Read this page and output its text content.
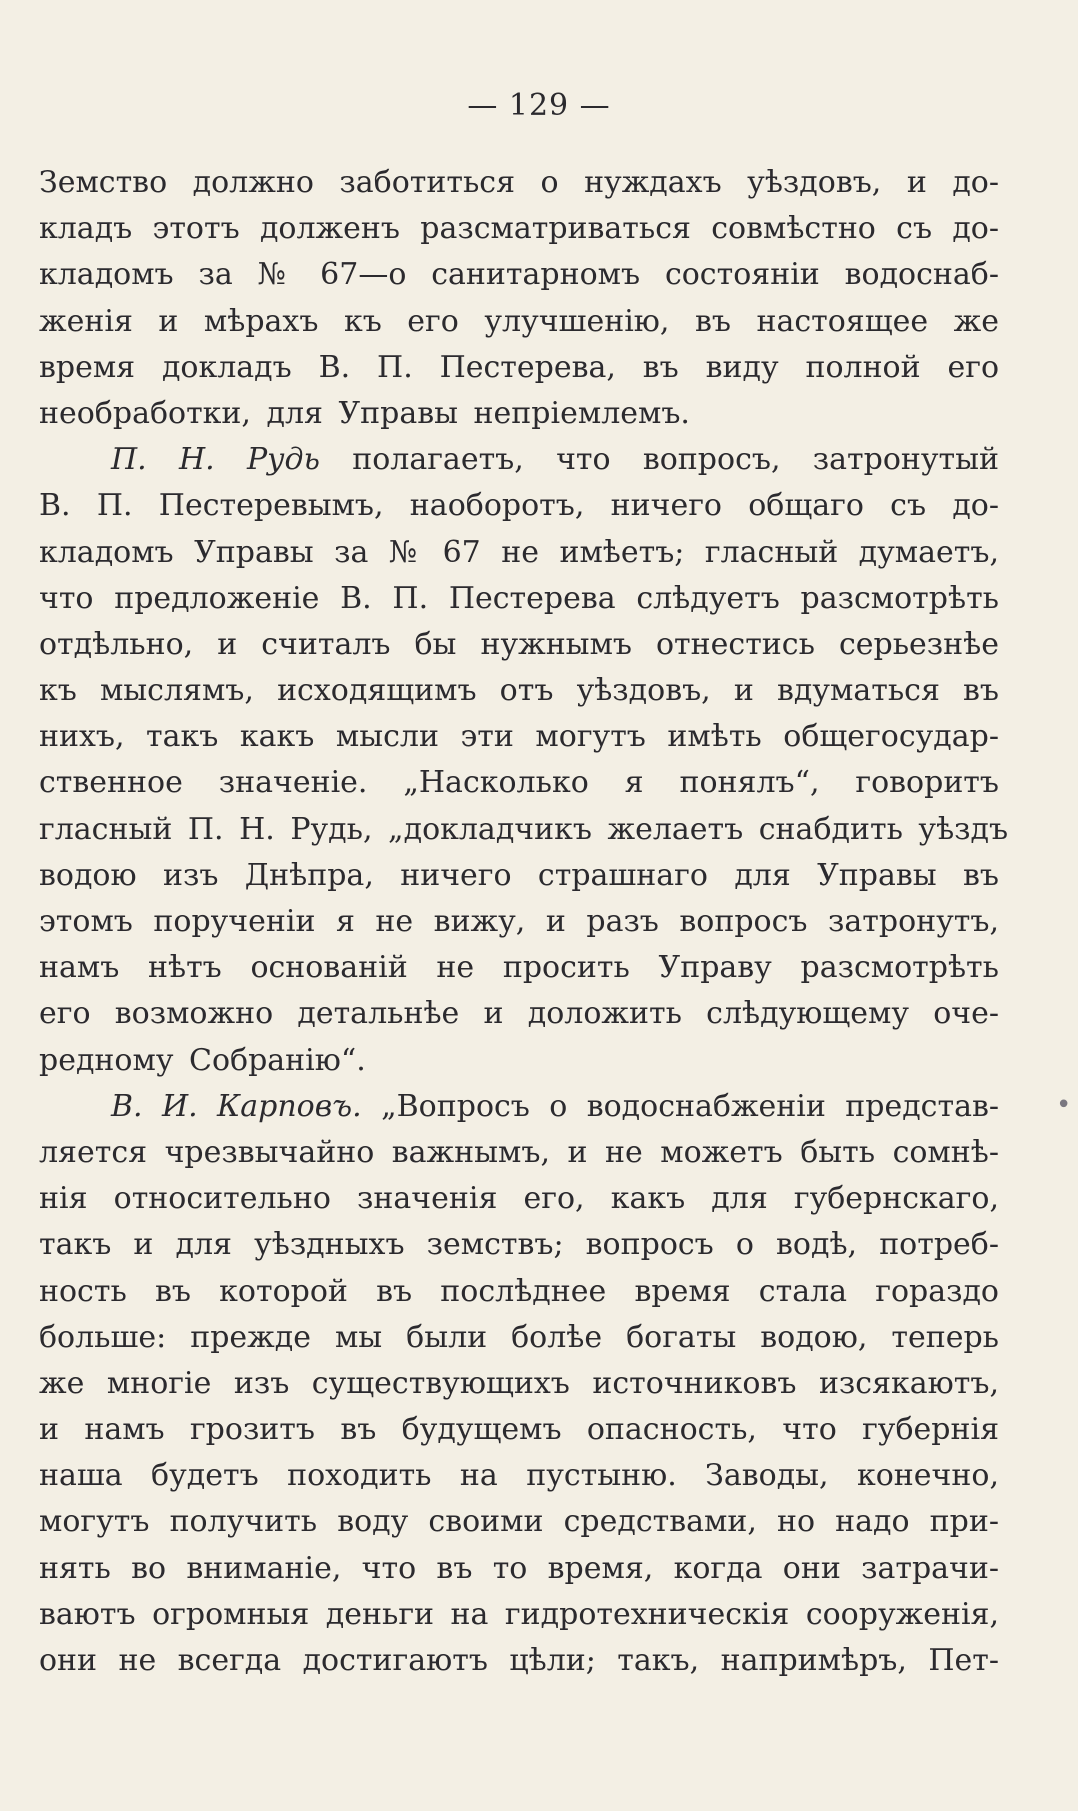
— 129 —
Земство должно заботиться о нуждахъ уѣздовъ, и до-
кладъ этотъ долженъ разсматриваться совмѣстно съ до-
кладомъ за № 67—о санитарномъ состояніи водоснаб-
женія и мѣрахъ къ его улучшенію, въ настоящее же
время докладъ В. П. Пестерева, въ виду полной его
необработки, для Управы непріемлемъ.
П. Н. Рудь полагаетъ, что вопросъ, затронутый
В. П. Пестеревымъ, наоборотъ, ничего общаго съ до-
кладомъ Управы за № 67 не имѣетъ; гласный думаетъ,
что предложеніе В. П. Пестерева слѣдуетъ разсмотрѣть
отдѣльно, и считалъ бы нужнымъ отнестись серьезнѣе
къ мыслямъ, исходящимъ отъ уѣздовъ, и вдуматься въ
нихъ, такъ какъ мысли эти могутъ имѣть общегосудар-
ственное значеніе. „Насколько я понялъ“, говоритъ
гласный П. Н. Рудь, „докладчикъ желаетъ снабдить уѣздъ
водою изъ Днѣпра, ничего страшнаго для Управы въ
этомъ порученіи я не вижу, и разъ вопросъ затронутъ,
намъ нѣтъ основаній не просить Управу разсмотрѣть
его возможно детальнѣе и доложить слѣдующему оче-
редному Собранію“.
В. И. Карповъ. „Вопросъ о водоснабженіи представ-
ляется чрезвычайно важнымъ, и не можетъ быть сомнѣ-
нія относительно значенія его, какъ для губернскаго,
такъ и для уѣздныхъ земствъ; вопросъ о водѣ, потреб-
ность въ которой въ послѣднее время стала гораздо
больше: прежде мы были болѣе богаты водою, теперь
же многіе изъ существующихъ источниковъ изсякаютъ,
и намъ грозитъ въ будущемъ опасность, что губернія
наша будетъ походить на пустыню. Заводы, конечно,
могутъ получить воду своими средствами, но надо при-
нять во вниманіе, что въ то время, когда они затрачи-
ваютъ огромныя деньги на гидротехническія сооруженія,
они не всегда достигаютъ цѣли; такъ, напримѣръ, Пет-
•
